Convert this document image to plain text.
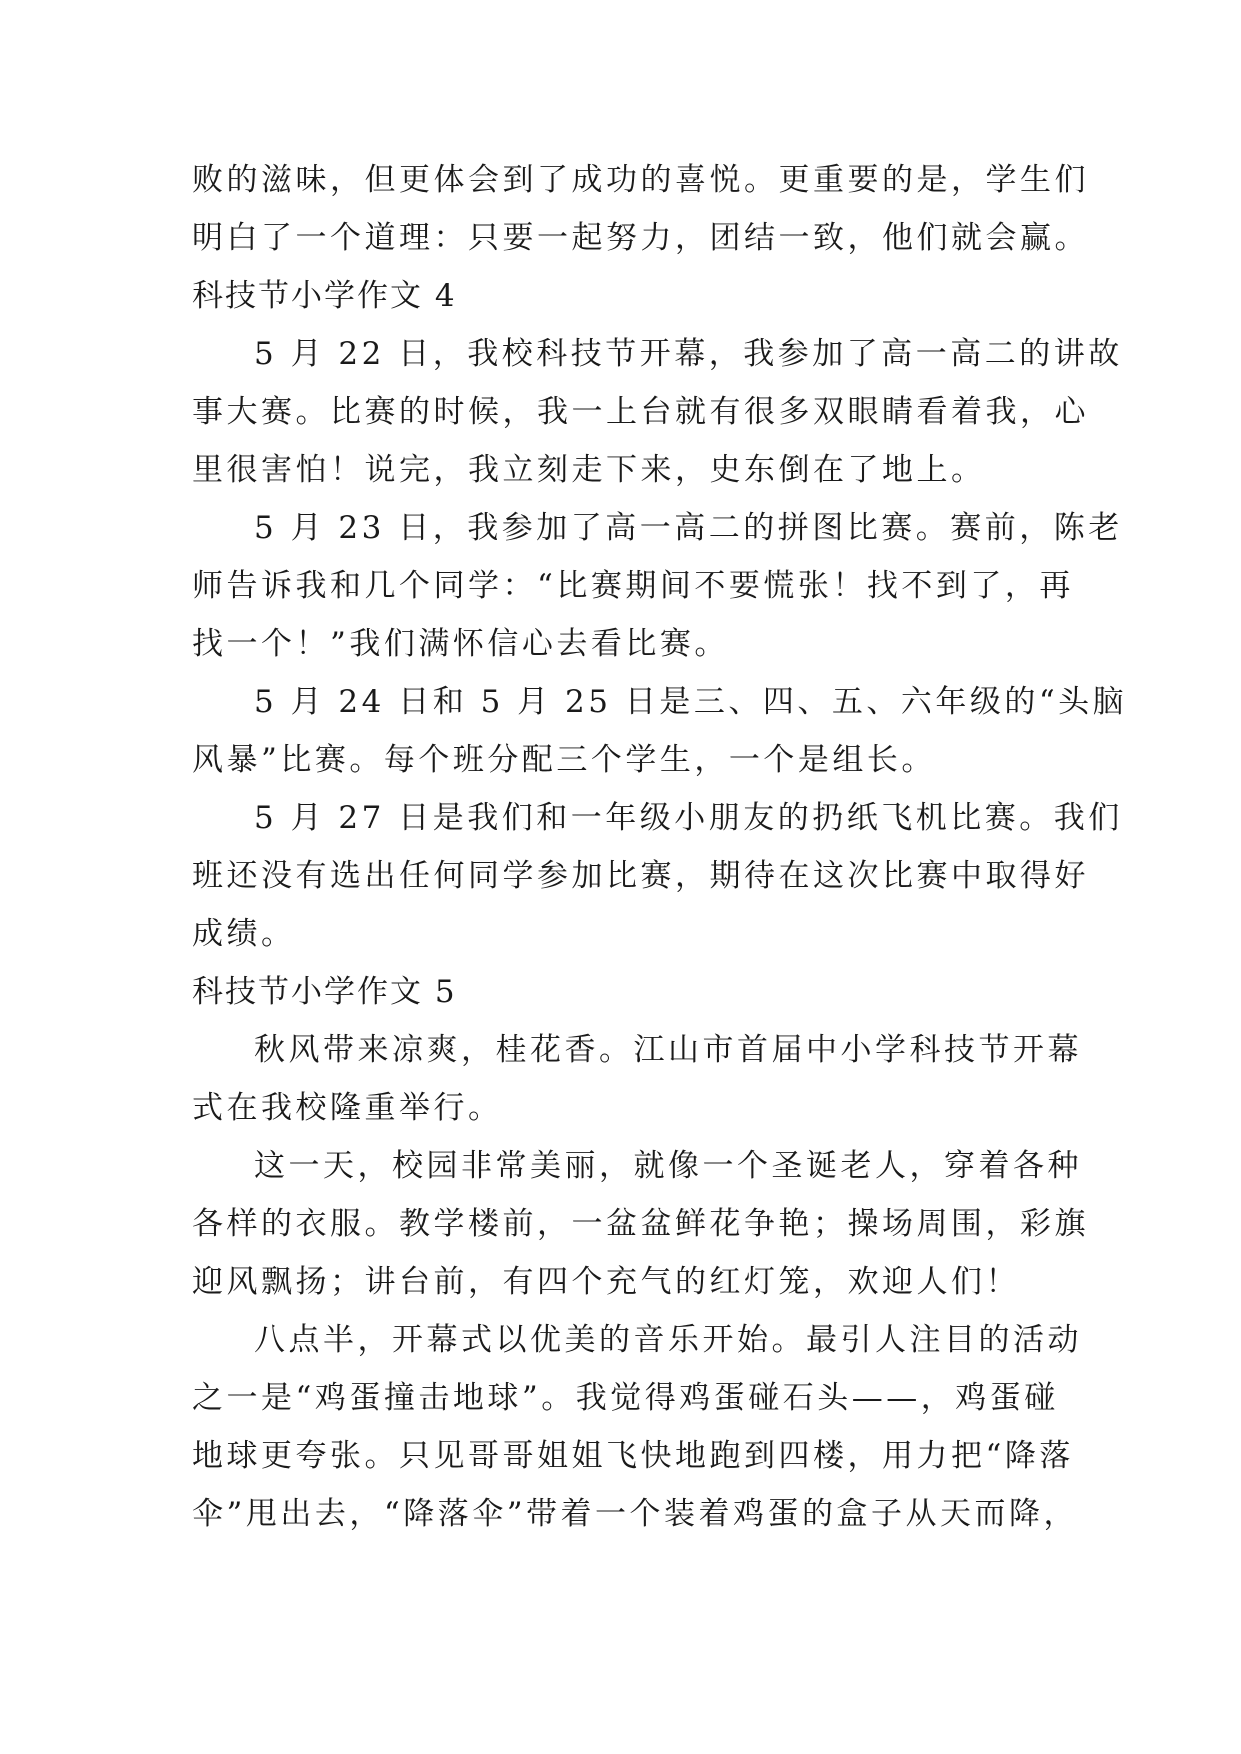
败的滋味，但更体会到了成功的喜悦。更重要的是，学生们
明白了一个道理：只要一起努力，团结一致，他们就会赢。
科技节小学作文 4
5 月 22 日，我校科技节开幕，我参加了高一高二的讲故
事大赛。比赛的时候，我一上台就有很多双眼睛看着我，心
里很害怕！说完，我立刻走下来，史东倒在了地上。
5 月 23 日，我参加了高一高二的拼图比赛。赛前，陈老
师告诉我和几个同学：“比赛期间不要慌张！找不到了，再
找一个！”我们满怀信心去看比赛。
5 月 24 日和 5 月 25 日是三、四、五、六年级的“头脑
风暴”比赛。每个班分配三个学生，一个是组长。
5 月 27 日是我们和一年级小朋友的扔纸飞机比赛。我们
班还没有选出任何同学参加比赛，期待在这次比赛中取得好
成绩。
科技节小学作文 5
秋风带来凉爽，桂花香。江山市首届中小学科技节开幕
式在我校隆重举行。
这一天，校园非常美丽，就像一个圣诞老人，穿着各种
各样的衣服。教学楼前，一盆盆鲜花争艳；操场周围，彩旗
迎风飘扬；讲台前，有四个充气的红灯笼，欢迎人们！
八点半，开幕式以优美的音乐开始。最引人注目的活动
之一是“鸡蛋撞击地球”。我觉得鸡蛋碰石头——，鸡蛋碰
地球更夸张。只见哥哥姐姐飞快地跑到四楼，用力把“降落
伞”甩出去，“降落伞”带着一个装着鸡蛋的盒子从天而降，
